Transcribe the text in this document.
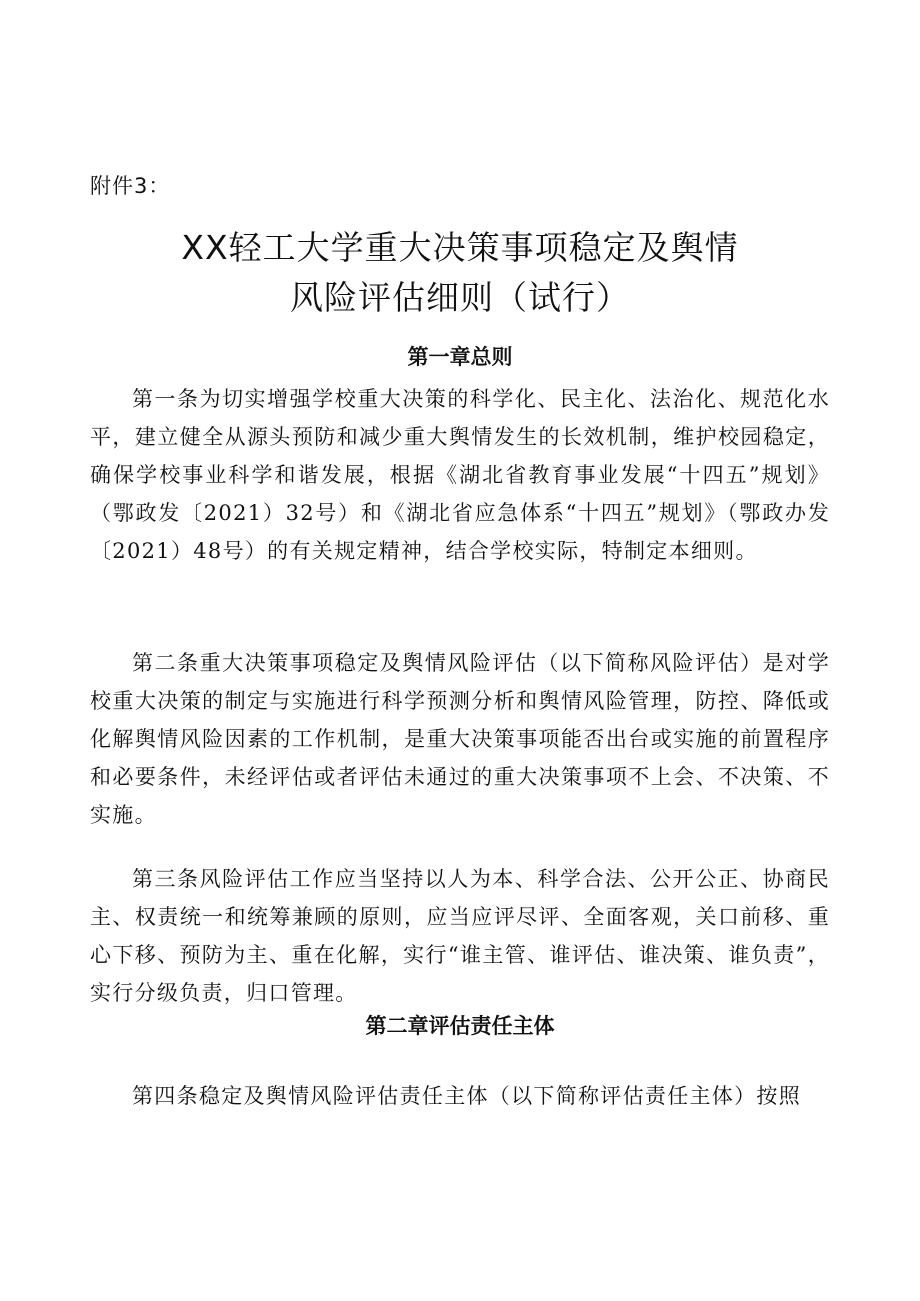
附件3：
XX轻工大学重大决策事项稳定及舆情
风险评估细则（试行）
第一章总则

第一条为切实增强学校重大决策的科学化、民主化、法治化、规范化水平，建立健全从源头预防和减少重大舆情发生的长效机制，维护校园稳定，确保学校事业科学和谐发展，根据《湖北省教育事业发展“十四五”规划》（鄂政发〔2021）32号）和《湖北省应急体系“十四五”规划》（鄂政办发〔2021）48号）的有关规定精神，结合学校实际，特制定本细则。

第二条重大决策事项稳定及舆情风险评估（以下简称风险评估）是对学校重大决策的制定与实施进行科学预测分析和舆情风险管理，防控、降低或化解舆情风险因素的工作机制，是重大决策事项能否出台或实施的前置程序和必要条件，未经评估或者评估未通过的重大决策事项不上会、不决策、不实施。

第三条风险评估工作应当坚持以人为本、科学合法、公开公正、协商民主、权责统一和统筹兼顾的原则，应当应评尽评、全面客观，关口前移、重心下移、预防为主、重在化解，实行“谁主管、谁评估、谁决策、谁负责”，实行分级负责，归口管理。

第二章评估责任主体

第四条稳定及舆情风险评估责任主体（以下简称评估责任主体）按照
